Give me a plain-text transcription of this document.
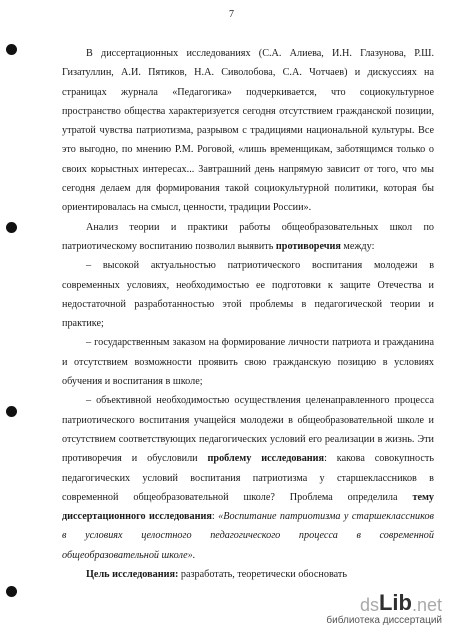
7

В диссертационных исследованиях (С.А. Алиева, И.Н. Глазунова, Р.Ш. Гизатуллин, А.И. Пятиков, Н.А. Сиволобова, С.А. Чотчаев) и дискуссиях на страницах журнала «Педагогика» подчеркивается, что социокультурное пространство общества характеризуется сегодня отсутствием гражданской позиции, утратой чувства патриотизма, разрывом с традициями национальной культуры. Все это выгодно, по мнению Р.М. Роговой, «лишь временщикам, заботящимся только о своих корыстных интересах... Завтрашний день напрямую зависит от того, что мы сегодня делаем для формирования такой социокультурной политики, которая бы ориентировалась на смысл, ценности, традиции России».

Анализ теории и практики работы общеобразовательных школ по патриотическому воспитанию позволил выявить противоречия между:

– высокой актуальностью патриотического воспитания молодежи в современных условиях, необходимостью ее подготовки к защите Отечества и недостаточной разработанностью этой проблемы в педагогической теории и практике;

– государственным заказом на формирование личности патриота и гражданина и отсутствием возможности проявить свою гражданскую позицию в условиях обучения и воспитания в школе;

– объективной необходимостью осуществления целенаправленного процесса патриотического воспитания учащейся молодежи в общеобразовательной школе и отсутствием соответствующих педагогических условий его реализации в жизнь. Эти противоречия и обусловили проблему исследования: какова совокупность педагогических условий воспитания патриотизма у старшеклассников в современной общеобразовательной школе? Проблема определила тему диссертационного исследования: «Воспитание патриотизма у старшеклассников в условиях целостного педагогического процесса в современной общеобразовательной школе».

Цель исследования: разработать, теоретически обосновать

ds Lib .net
библиотека диссертаций
